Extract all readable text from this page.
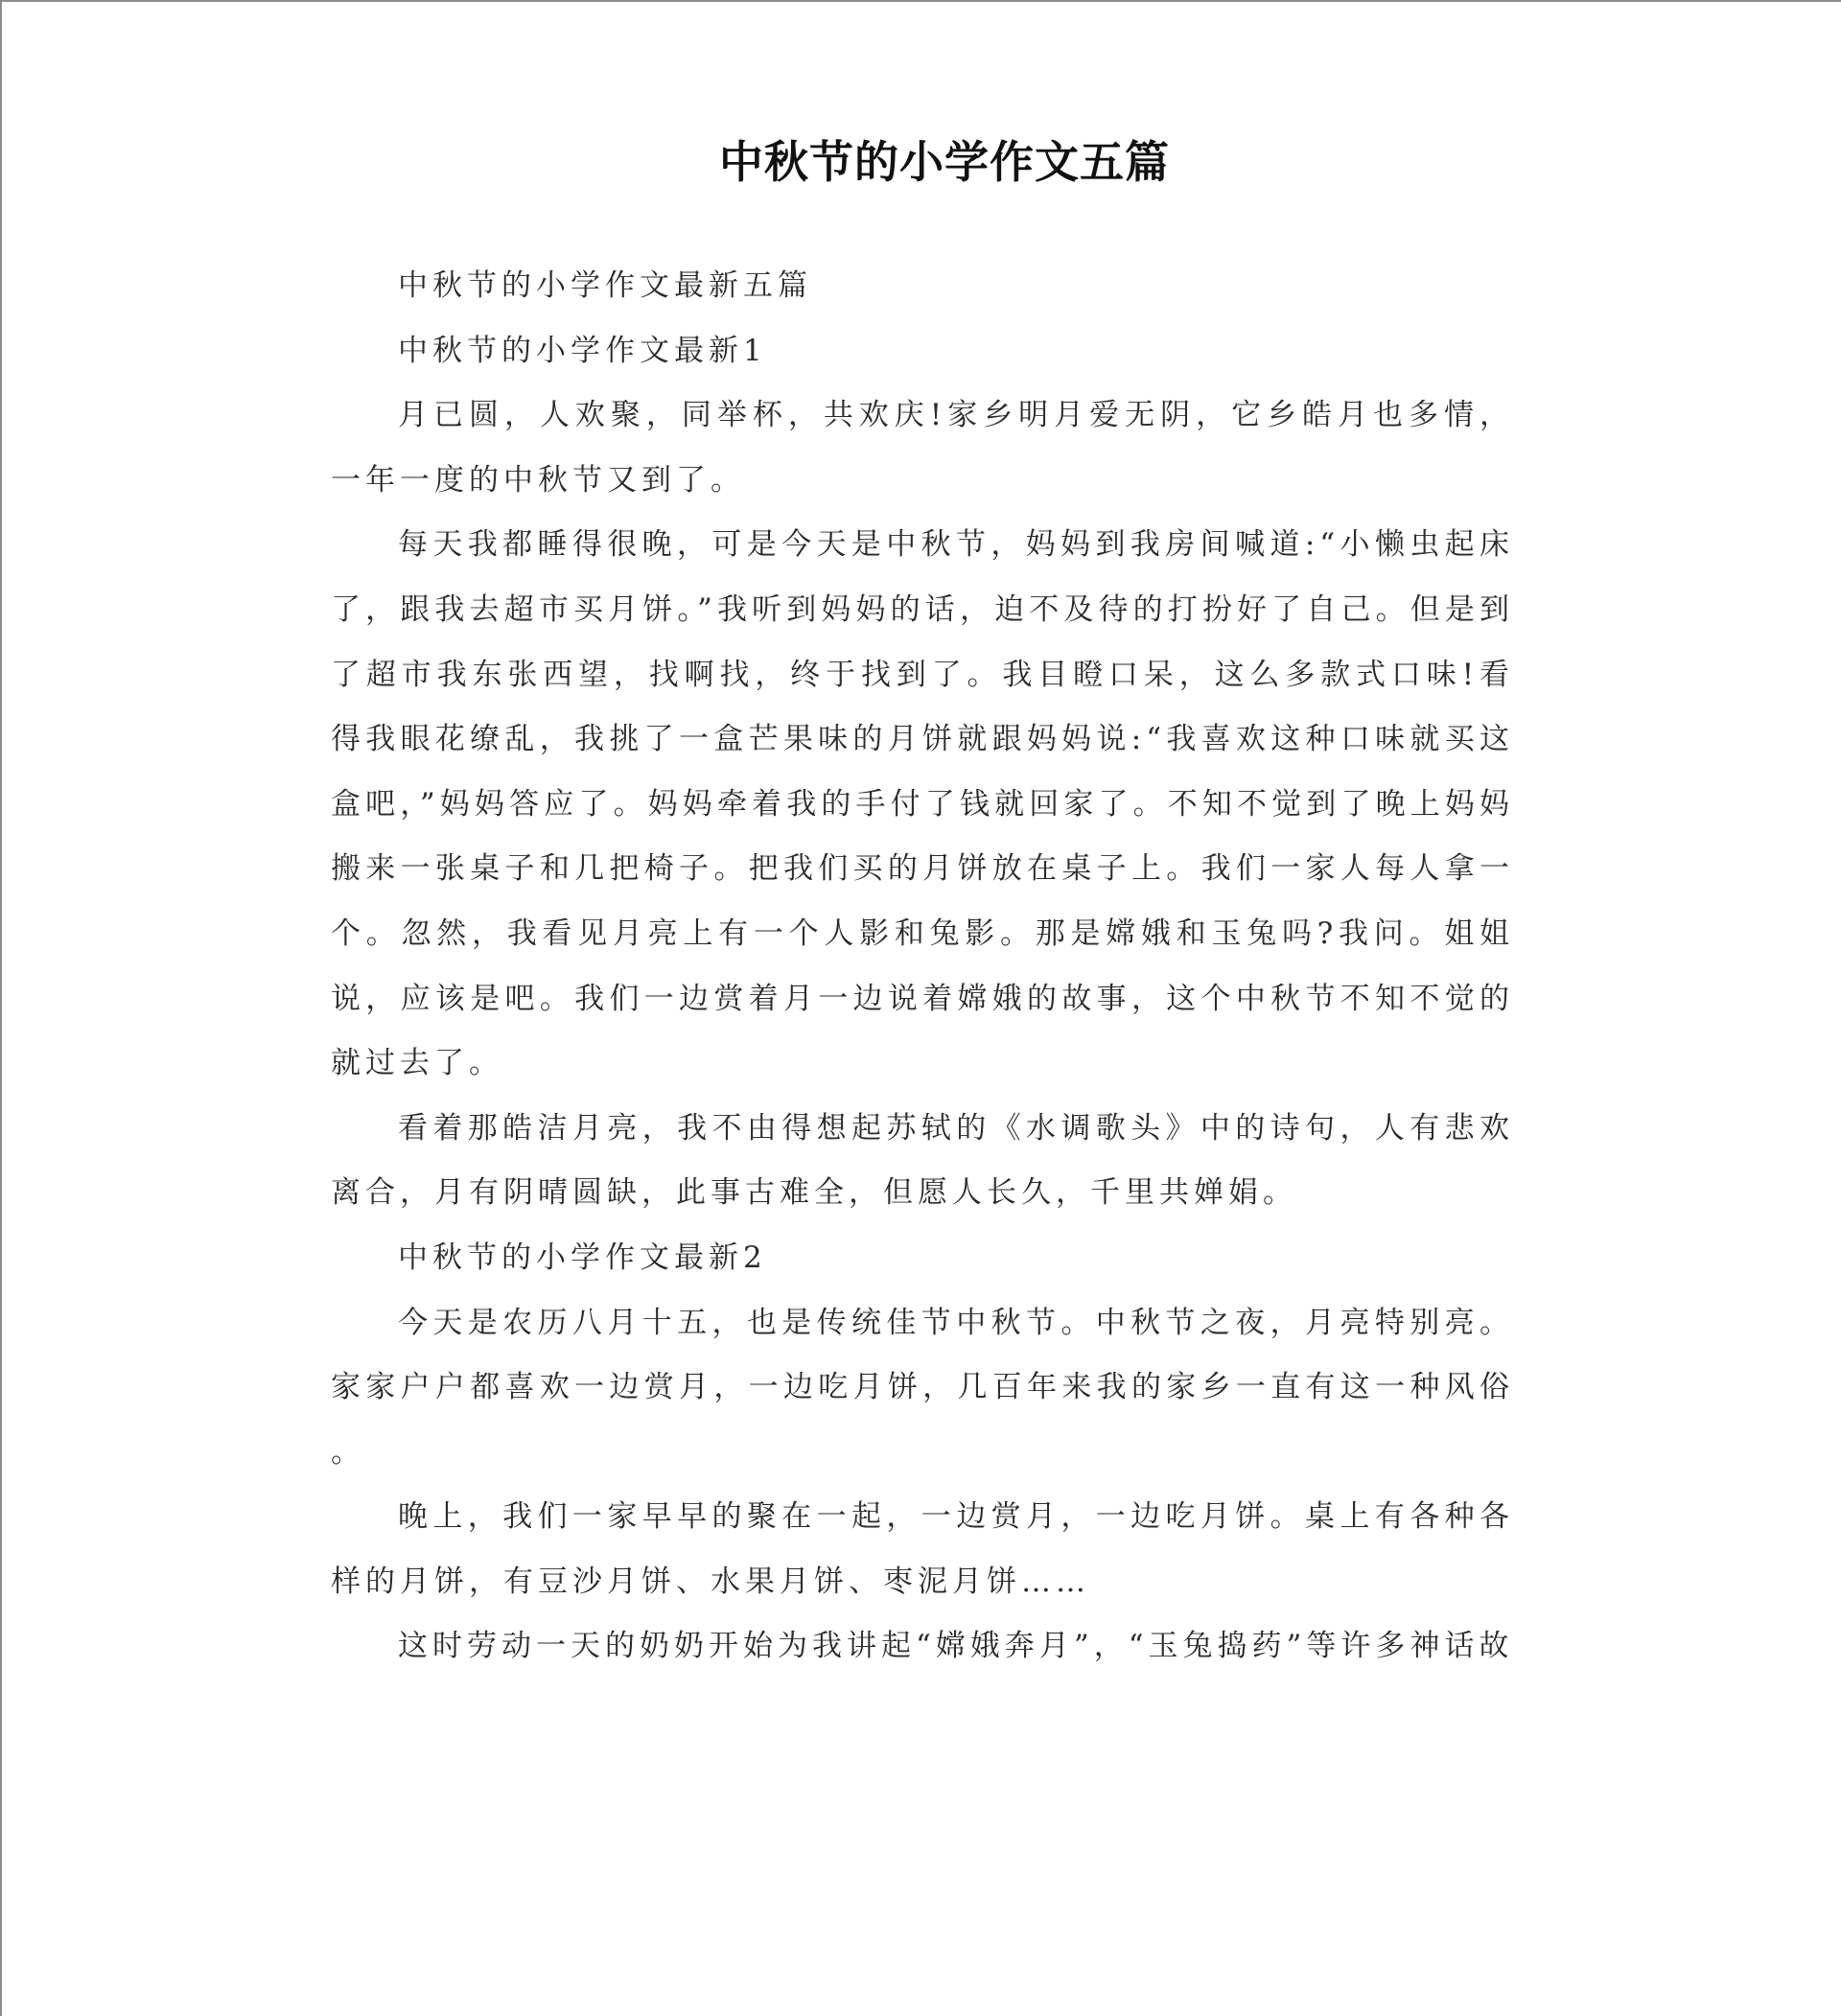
中秋节的小学作文五篇

中秋节的小学作文最新五篇

中秋节的小学作文最新1

月已圆，人欢聚，同举杯，共欢庆!家乡明月爱无阴，它乡皓月也多情，一年一度的中秋节又到了。

每天我都睡得很晚，可是今天是中秋节，妈妈到我房间喊道:“小懒虫起床了，跟我去超市买月饼。”我听到妈妈的话，迫不及待的打扮好了自己。但是到了超市我东张西望，找啊找，终于找到了。我目瞪口呆，这么多款式口味!看得我眼花缭乱，我挑了一盒芒果味的月饼就跟妈妈说:“我喜欢这种口味就买这盒吧，”妈妈答应了。妈妈牵着我的手付了钱就回家了。不知不觉到了晚上妈妈搬来一张桌子和几把椅子。把我们买的月饼放在桌子上。我们一家人每人拿一个。忽然，我看见月亮上有一个人影和兔影。那是嫦娥和玉兔吗?我问。姐姐说，应该是吧。我们一边赏着月一边说着嫦娥的故事，这个中秋节不知不觉的就过去了。

看着那皓洁月亮，我不由得想起苏轼的《水调歌头》中的诗句，人有悲欢离合，月有阴晴圆缺，此事古难全，但愿人长久，千里共婵娟。

中秋节的小学作文最新2

今天是农历八月十五，也是传统佳节中秋节。中秋节之夜，月亮特别亮。家家户户都喜欢一边赏月，一边吃月饼，几百年来我的家乡一直有这一种风俗。

晚上，我们一家早早的聚在一起，一边赏月，一边吃月饼。桌上有各种各样的月饼，有豆沙月饼、水果月饼、枣泥月饼……

这时劳动一天的奶奶开始为我讲起“嫦娥奔月”，“玉兔捣药”等许多神话故
